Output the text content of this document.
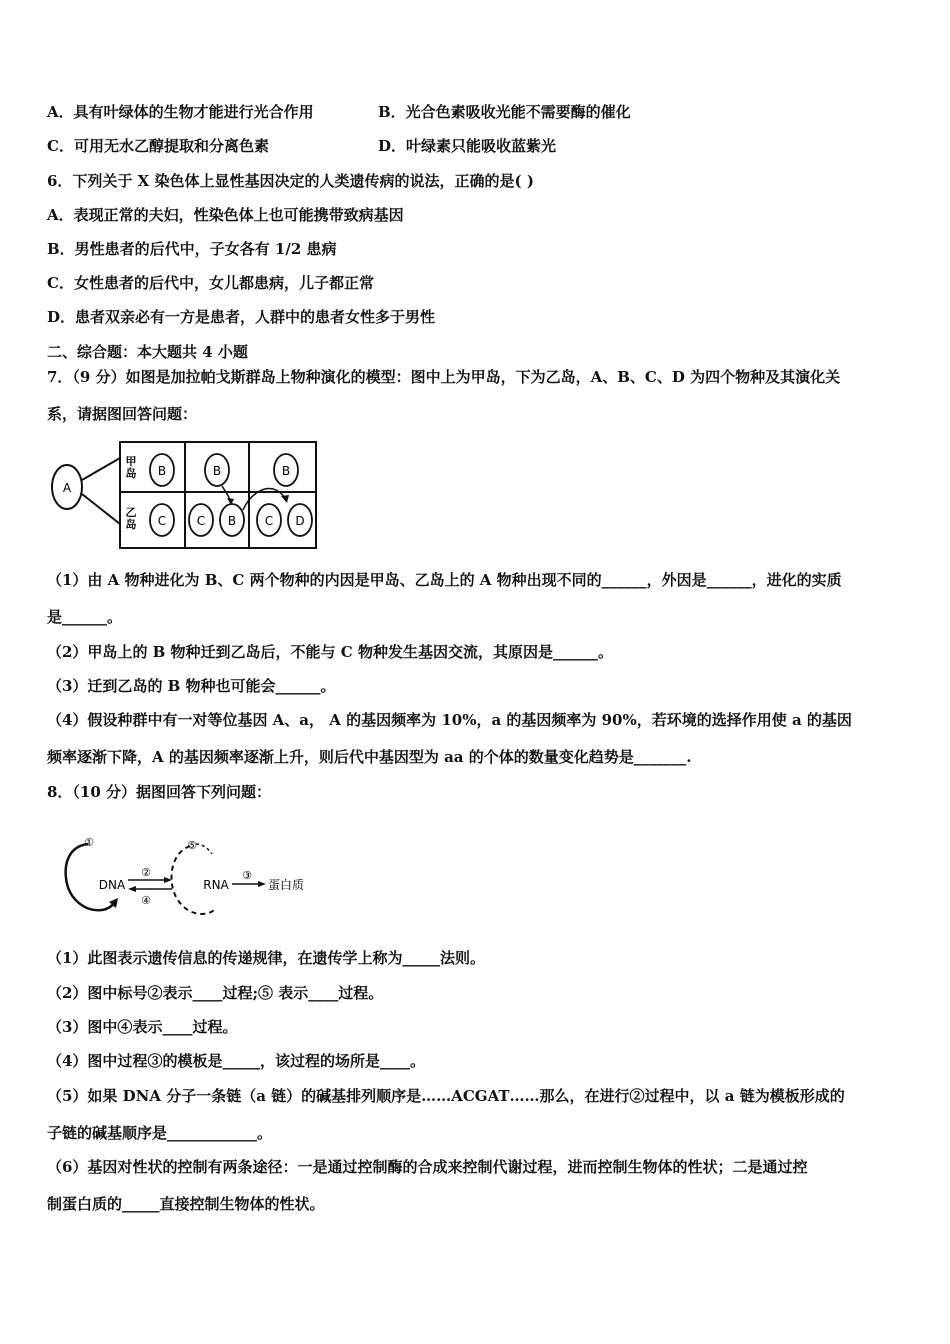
A．具有叶绿体的生物才能进行光合作用	B．光合色素吸收光能不需要酶的催化
C．可用无水乙醇提取和分离色素	D．叶绿素只能吸收蓝紫光
6．下列关于 X 染色体上显性基因决定的人类遗传病的说法，正确的是( )
A．表现正常的夫妇，性染色体上也可能携带致病基因
B．男性患者的后代中，子女各有 1/2 患病
C．女性患者的后代中，女儿都患病，儿子都正常
D．患者双亲必有一方是患者，人群中的患者女性多于男性
二、综合题：本大题共 4 小题
7．（9 分）如图是加拉帕戈斯群岛上物种演化的模型：图中上为甲岛，下为乙岛，A、B、C、D 为四个物种及其演化关
系，请据图回答问题：
A
甲
岛
乙
岛
B	B	B
C	C B C D
（1）由 A 物种进化为 B、C 两个物种的内因是甲岛、乙岛上的 A 物种出现不同的______，外因是______，进化的实质
是______。
（2）甲岛上的 B 物种迁到乙岛后，不能与 C 物种发生基因交流，其原因是______。
（3）迁到乙岛的 B 物种也可能会______。
（4）假设种群中有一对等位基因 A、a， A 的基因频率为 10%，a 的基因频率为 90%，若环境的选择作用使 a 的基因
频率逐渐下降，A 的基因频率逐渐上升，则后代中基因型为 aa 的个体的数量变化趋势是_______.
8．（10 分）据图回答下列问题：
①
DNA
②
④
⑤
RNA
③
蛋白质
（1）此图表示遗传信息的传递规律，在遗传学上称为_____法则。
（2）图中标号②表示____过程;⑤ 表示____过程。
（3）图中④表示____过程。
（4）图中过程③的模板是_____，该过程的场所是____。
（5）如果 DNA 分子一条链（a 链）的碱基排列顺序是……ACGAT……那么，在进行②过程中，以 a 链为模板形成的
子链的碱基顺序是____________。
（6）基因对性状的控制有两条途径：一是通过控制酶的合成来控制代谢过程，进而控制生物体的性状；二是通过控
制蛋白质的_____直接控制生物体的性状。
